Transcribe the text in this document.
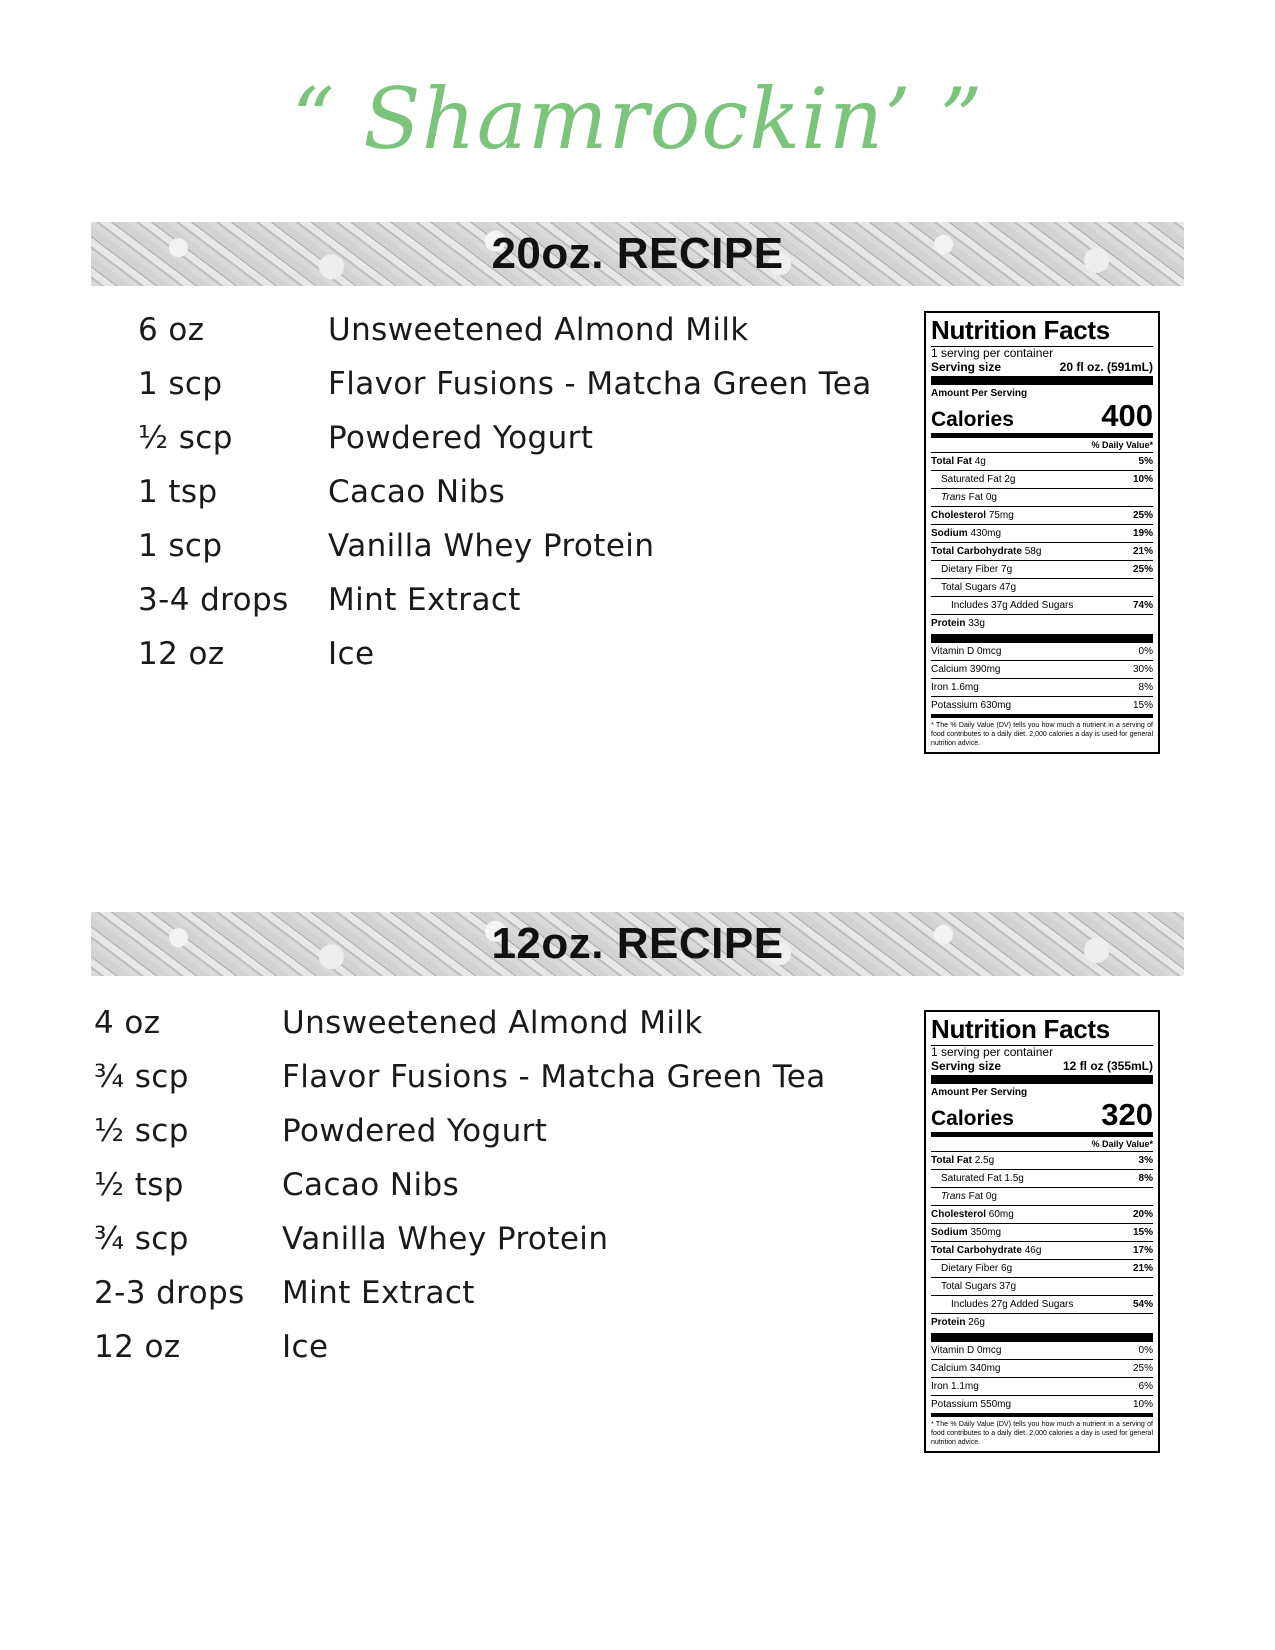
“ Shamrockin’ ”
20oz. RECIPE
6 oz	Unsweetened Almond Milk
1 scp	Flavor Fusions - Matcha Green Tea
½ scp	Powdered Yogurt
1 tsp	Cacao Nibs
1 scp	Vanilla Whey Protein
3-4 drops Mint Extract
12 oz	Ice
Nutrition Facts
1 serving per container
Serving size	20 fl oz. (591mL)
Amount Per Serving
Calories	400
% Daily Value*
Total Fat 4g	5%
Saturated Fat 2g	10%
Trans Fat 0g
Cholesterol 75mg	25%
Sodium 430mg	19%
Total Carbohydrate 58g	21%
Dietary Fiber 7g	25%
Total Sugars 47g
Includes 37g Added Sugars	74%
Protein 33g
Vitamin D 0mcg	0%
Calcium 390mg	30%
Iron 1.6mg	8%
Potassium 630mg	15%
* The % Daily Value (DV) tells you how much a nutrient in a serving of food contributes to a daily diet. 2,000 calories a day is used for general nutrition advice.
12oz. RECIPE
4 oz	Unsweetened Almond Milk
¾ scp	Flavor Fusions - Matcha Green Tea
½ scp	Powdered Yogurt
½ tsp	Cacao Nibs
¾ scp	Vanilla Whey Protein
2-3 drops Mint Extract
12 oz	Ice
Nutrition Facts
1 serving per container
Serving size	12 fl oz (355mL)
Amount Per Serving
Calories	320
% Daily Value*
Total Fat 2.5g	3%
Saturated Fat 1.5g	8%
Trans Fat 0g
Cholesterol 60mg	20%
Sodium 350mg	15%
Total Carbohydrate 46g	17%
Dietary Fiber 6g	21%
Total Sugars 37g
Includes 27g Added Sugars	54%
Protein 26g
Vitamin D 0mcg	0%
Calcium 340mg	25%
Iron 1.1mg	6%
Potassium 550mg	10%
* The % Daily Value (DV) tells you how much a nutrient in a serving of food contributes to a daily diet. 2,000 calories a day is used for general nutrition advice.
